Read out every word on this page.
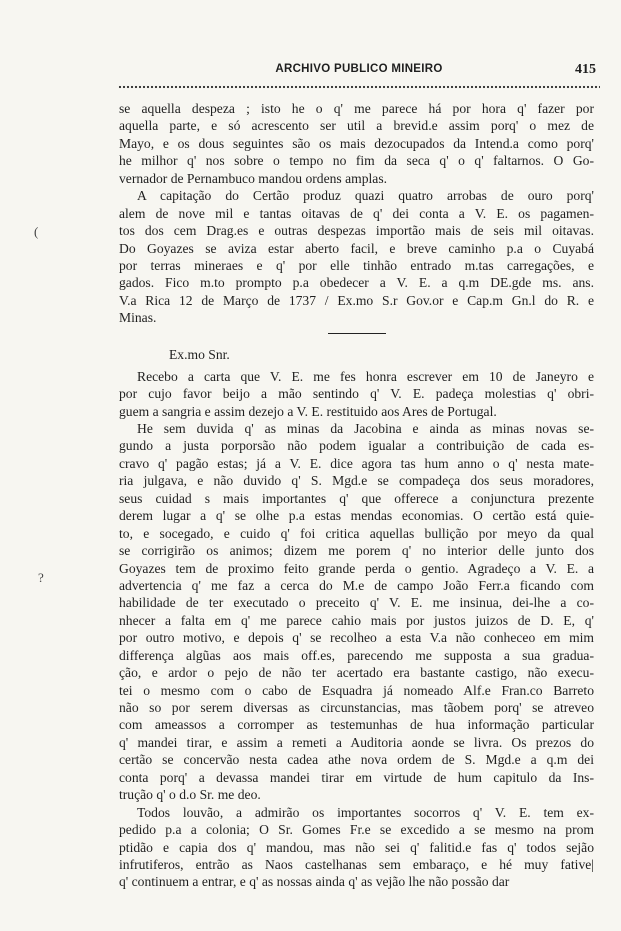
ARCHIVO PUBLICO MINEIRO	415
(
?
se aquella despeza ; isto he o q' me parece há por hora q' fazer por
aquella parte, e só acrescento ser util a brevid.e assim porq' o mez de
Mayo, e os dous seguintes são os mais dezocupados da Intend.a como porq'
he milhor q' nos sobre o tempo no fim da seca q' o q' faltarnos. O Go-
vernador de Pernambuco mandou ordens amplas.
A capitação do Certão produz quazi quatro arrobas de ouro porq'
alem de nove mil e tantas oitavas de q' dei conta a V. E. os pagamen-
tos dos cem Drag.es e outras despezas importão mais de seis mil oitavas.
Do Goyazes se aviza estar aberto facil, e breve caminho p.a o Cuyabá
por terras mineraes e q' por elle tinhão entrado m.tas carregações, e
gados. Fico m.to prompto p.a obedecer a V. E. a q.m DE.gde ms. ans.
V.a Rica 12 de Março de 1737 / Ex.mo S.r Gov.or e Cap.m Gn.l do R. e
Minas.
Ex.mo Snr.
Recebo a carta que V. E. me fes honra escrever em 10 de Janeyro e
por cujo favor beijo a mão sentindo q' V. E. padeça molestias q' obri-
guem a sangria e assim dezejo a V. E. restituido aos Ares de Portugal.
He sem duvida q' as minas da Jacobina e ainda as minas novas se-
gundo a justa porporsão não podem igualar a contribuição de cada es-
cravo q' pagão estas; já a V. E. dice agora tas hum anno o q' nesta mate-
ria julgava, e não duvido q' S. Mgd.e se compadeça dos seus moradores,
seus cuidad s mais importantes q' que offerece a conjunctura prezente
derem lugar a q' se olhe p.a estas mendas economias. O certão está quie-
to, e socegado, e cuido q' foi critica aquellas bullição por meyo da qual
se corrigirão os animos; dizem me porem q' no interior delle junto dos
Goyazes tem de proximo feito grande perda o gentio. Agradeço a V. E. a
advertencia q' me faz a cerca do M.e de campo João Ferr.a ficando com
habilidade de ter executado o preceito q' V. E. me insinua, dei-lhe a co-
nhecer a falta em q' me parece cahio mais por justos juizos de D. E, q'
por outro motivo, e depois q' se recolheo a esta V.a não conheceo em mim
differença algũas aos mais off.es, parecendo me supposta a sua gradua-
ção, e ardor o pejo de não ter acertado era bastante castigo, não execu-
tei o mesmo com o cabo de Esquadra já nomeado Alf.e Fran.co Barreto
não so por serem diversas as circunstancias, mas tãobem porq' se atreveo
com ameassos a corromper as testemunhas de hua informação particular
q' mandei tirar, e assim a remeti a Auditoria aonde se livra. Os prezos do
certão se concervão nesta cadea athe nova ordem de S. Mgd.e a q.m dei
conta porq' a devassa mandei tirar em virtude de hum capitulo da Ins-
trução q' o d.o Sr. me deo.
Todos louvão, a admirão os importantes socorros q' V. E. tem ex-
pedido p.a a colonia; O Sr. Gomes Fr.e se excedido a se mesmo na prom
ptidão e capia dos q' mandou, mas não sei q' falitid.e fas q' todos sejão
infrutiferos, entrão as Naos castelhanas sem embaraço, e hé muy fative|
q' continuem a entrar, e q' as nossas ainda q' as vejão lhe não possão dar
